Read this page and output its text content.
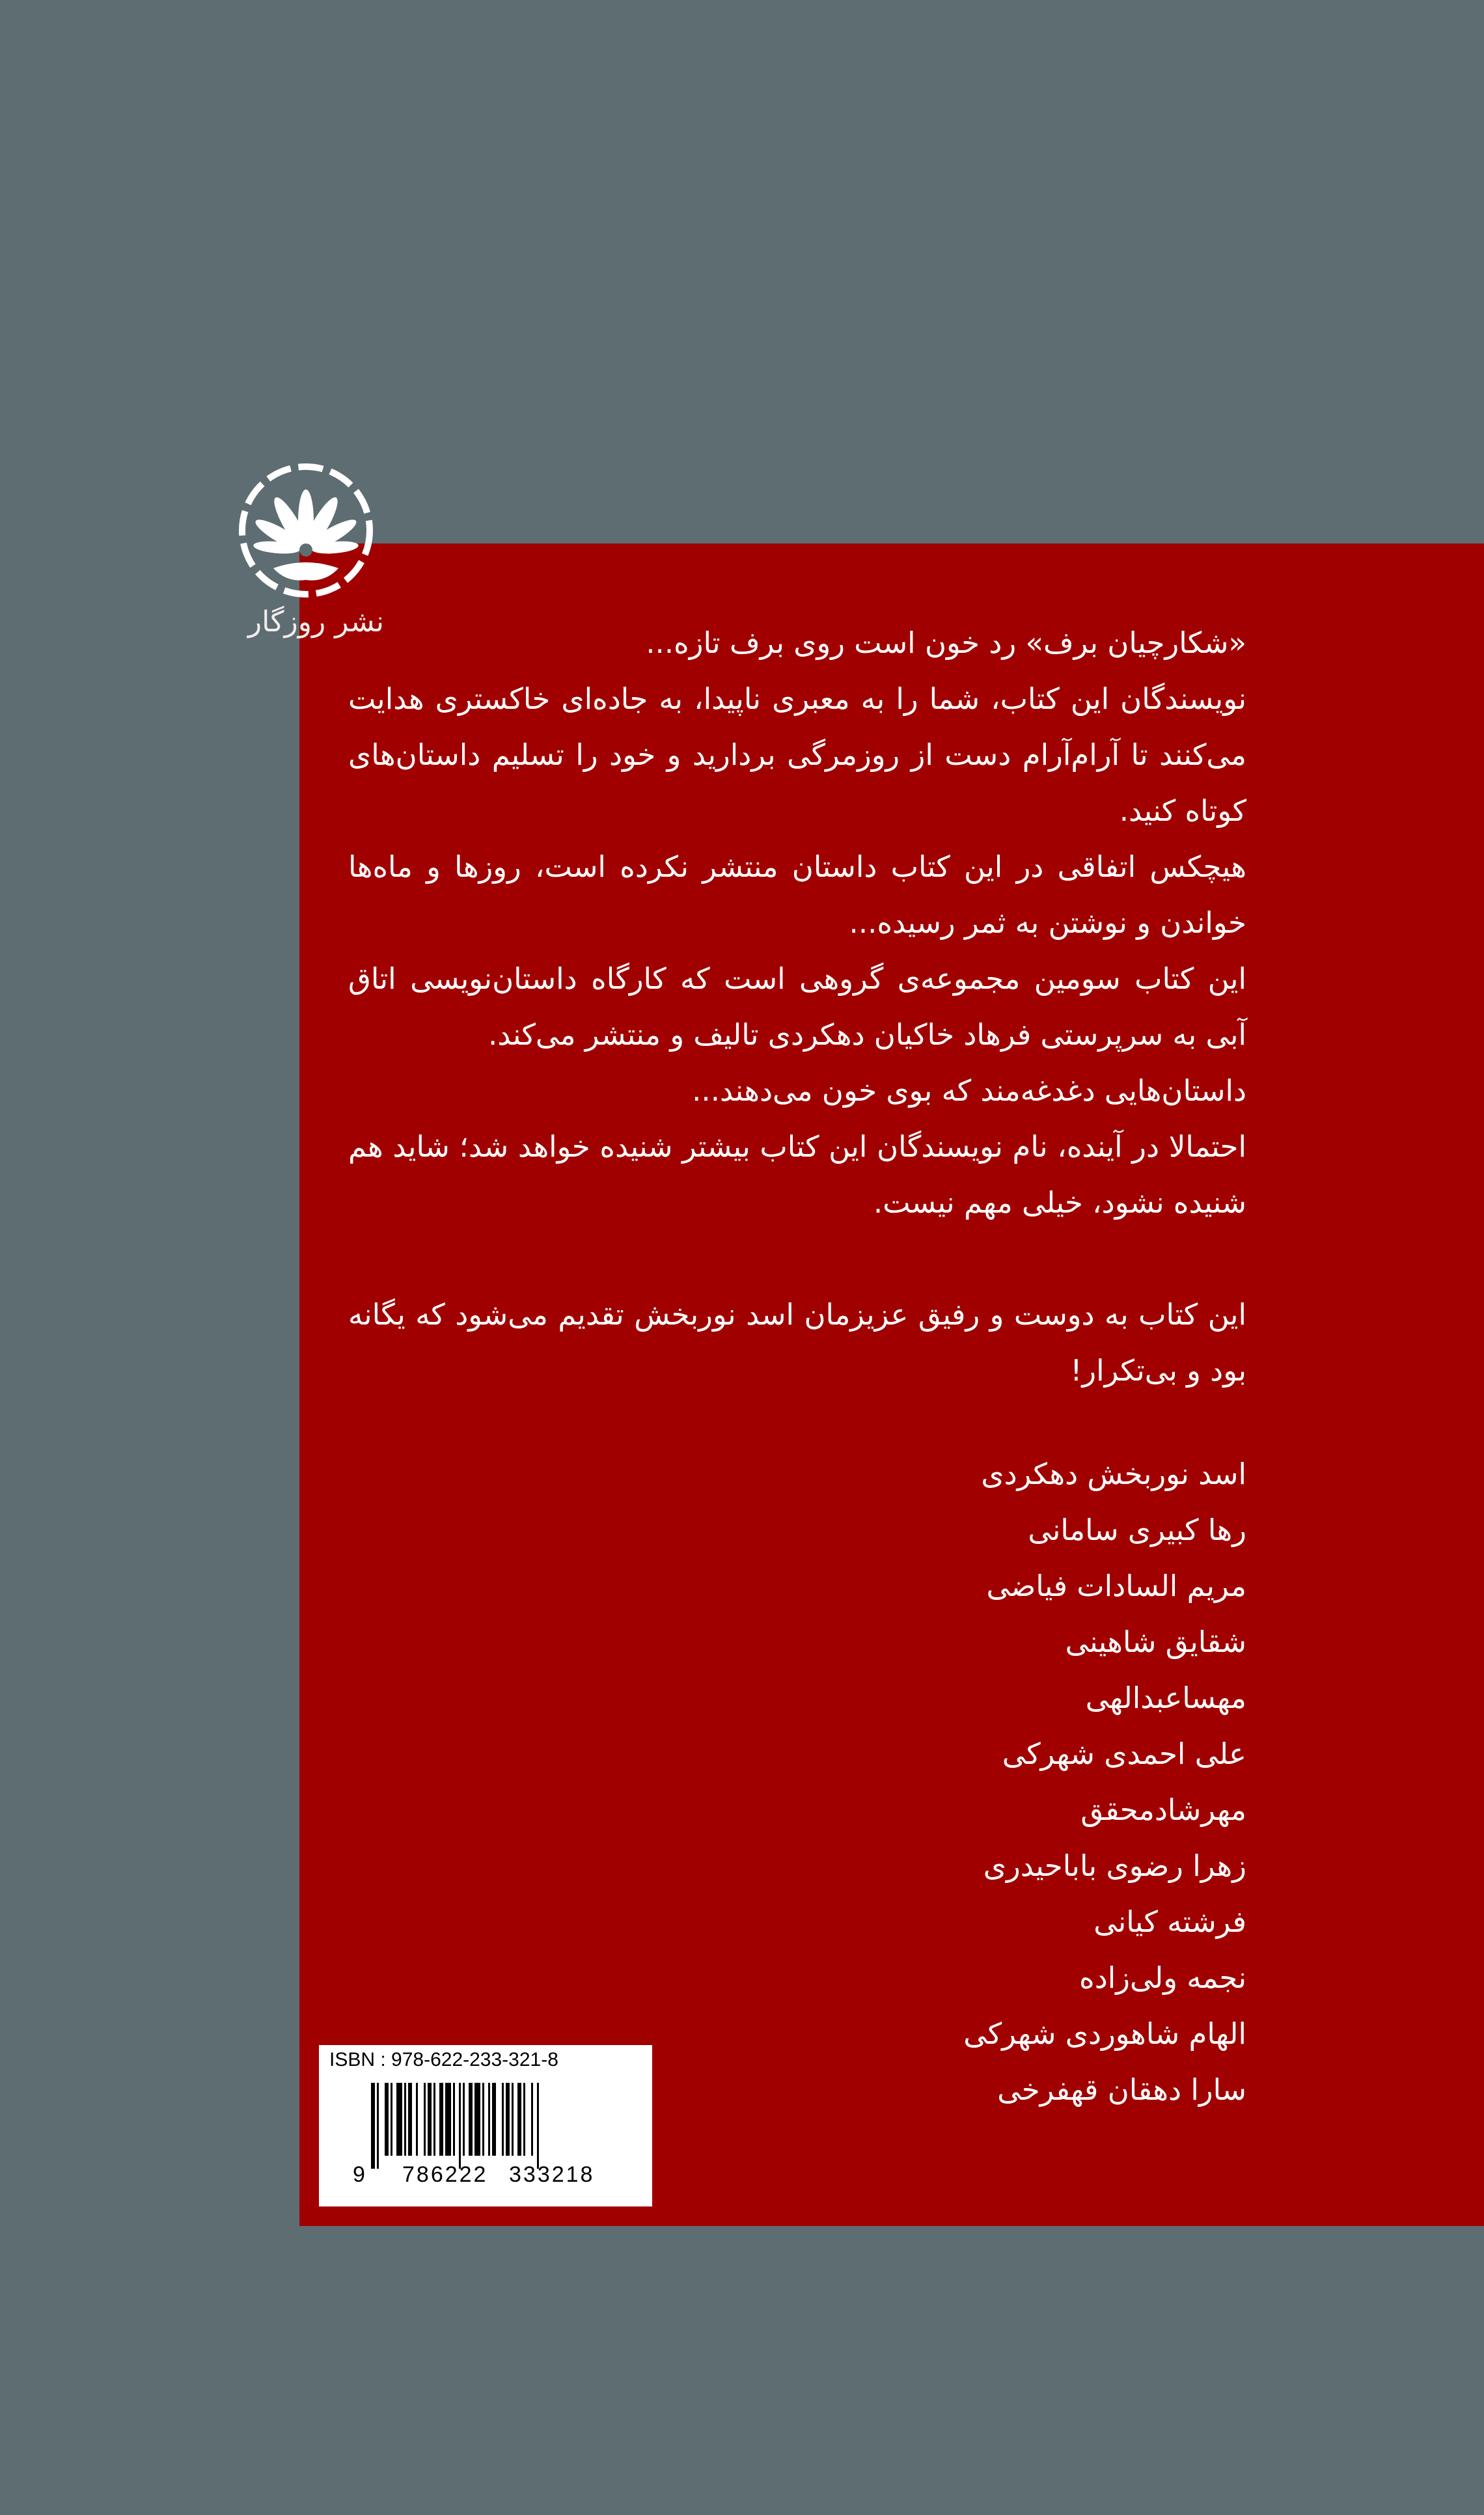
نشر روزگار

«شکارچیان برف» رد خون است روی برف تازه...

نویسندگان این کتاب، شما را به معبری ناپیدا، به جاده‌ای خاکستری هدایت می‌کنند تا آرام‌آرام دست از روزمرگی بردارید و خود را تسلیم داستان‌های کوتاه کنید.

هیچکس اتفاقی در این کتاب داستان منتشر نکرده است، روزها و ماه‌ها خواندن و نوشتن به ثمر رسیده...

این کتاب سومین مجموعه‌ی گروهی است که کارگاه داستان‌نویسی اتاق آبی به سرپرستی فرهاد خاکیان دهکردی تالیف و منتشر می‌کند.

داستان‌هایی دغدغه‌مند که بوی خون می‌دهند...

احتمالا در آینده، نام نویسندگان این کتاب بیشتر شنیده خواهد شد؛ شاید هم شنیده نشود، خیلی مهم نیست.

این کتاب به دوست و رفیق عزیزمان اسد نوربخش تقدیم می‌شود که یگانه بود و بی‌تکرار!

اسد نوربخش دهکردی
رها کبیری سامانی
مریم السادات فیاضی
شقایق شاهینی
مهساعبدالهی
علی احمدی شهرکی
مهرشادمحقق
زهرا رضوی باباحیدری
فرشته کیانی
نجمه ولی‌زاده
الهام شاهوردی شهرکی
سارا دهقان قهفرخی
ISBN : 978-622-233-321-8
9 786222 333218
